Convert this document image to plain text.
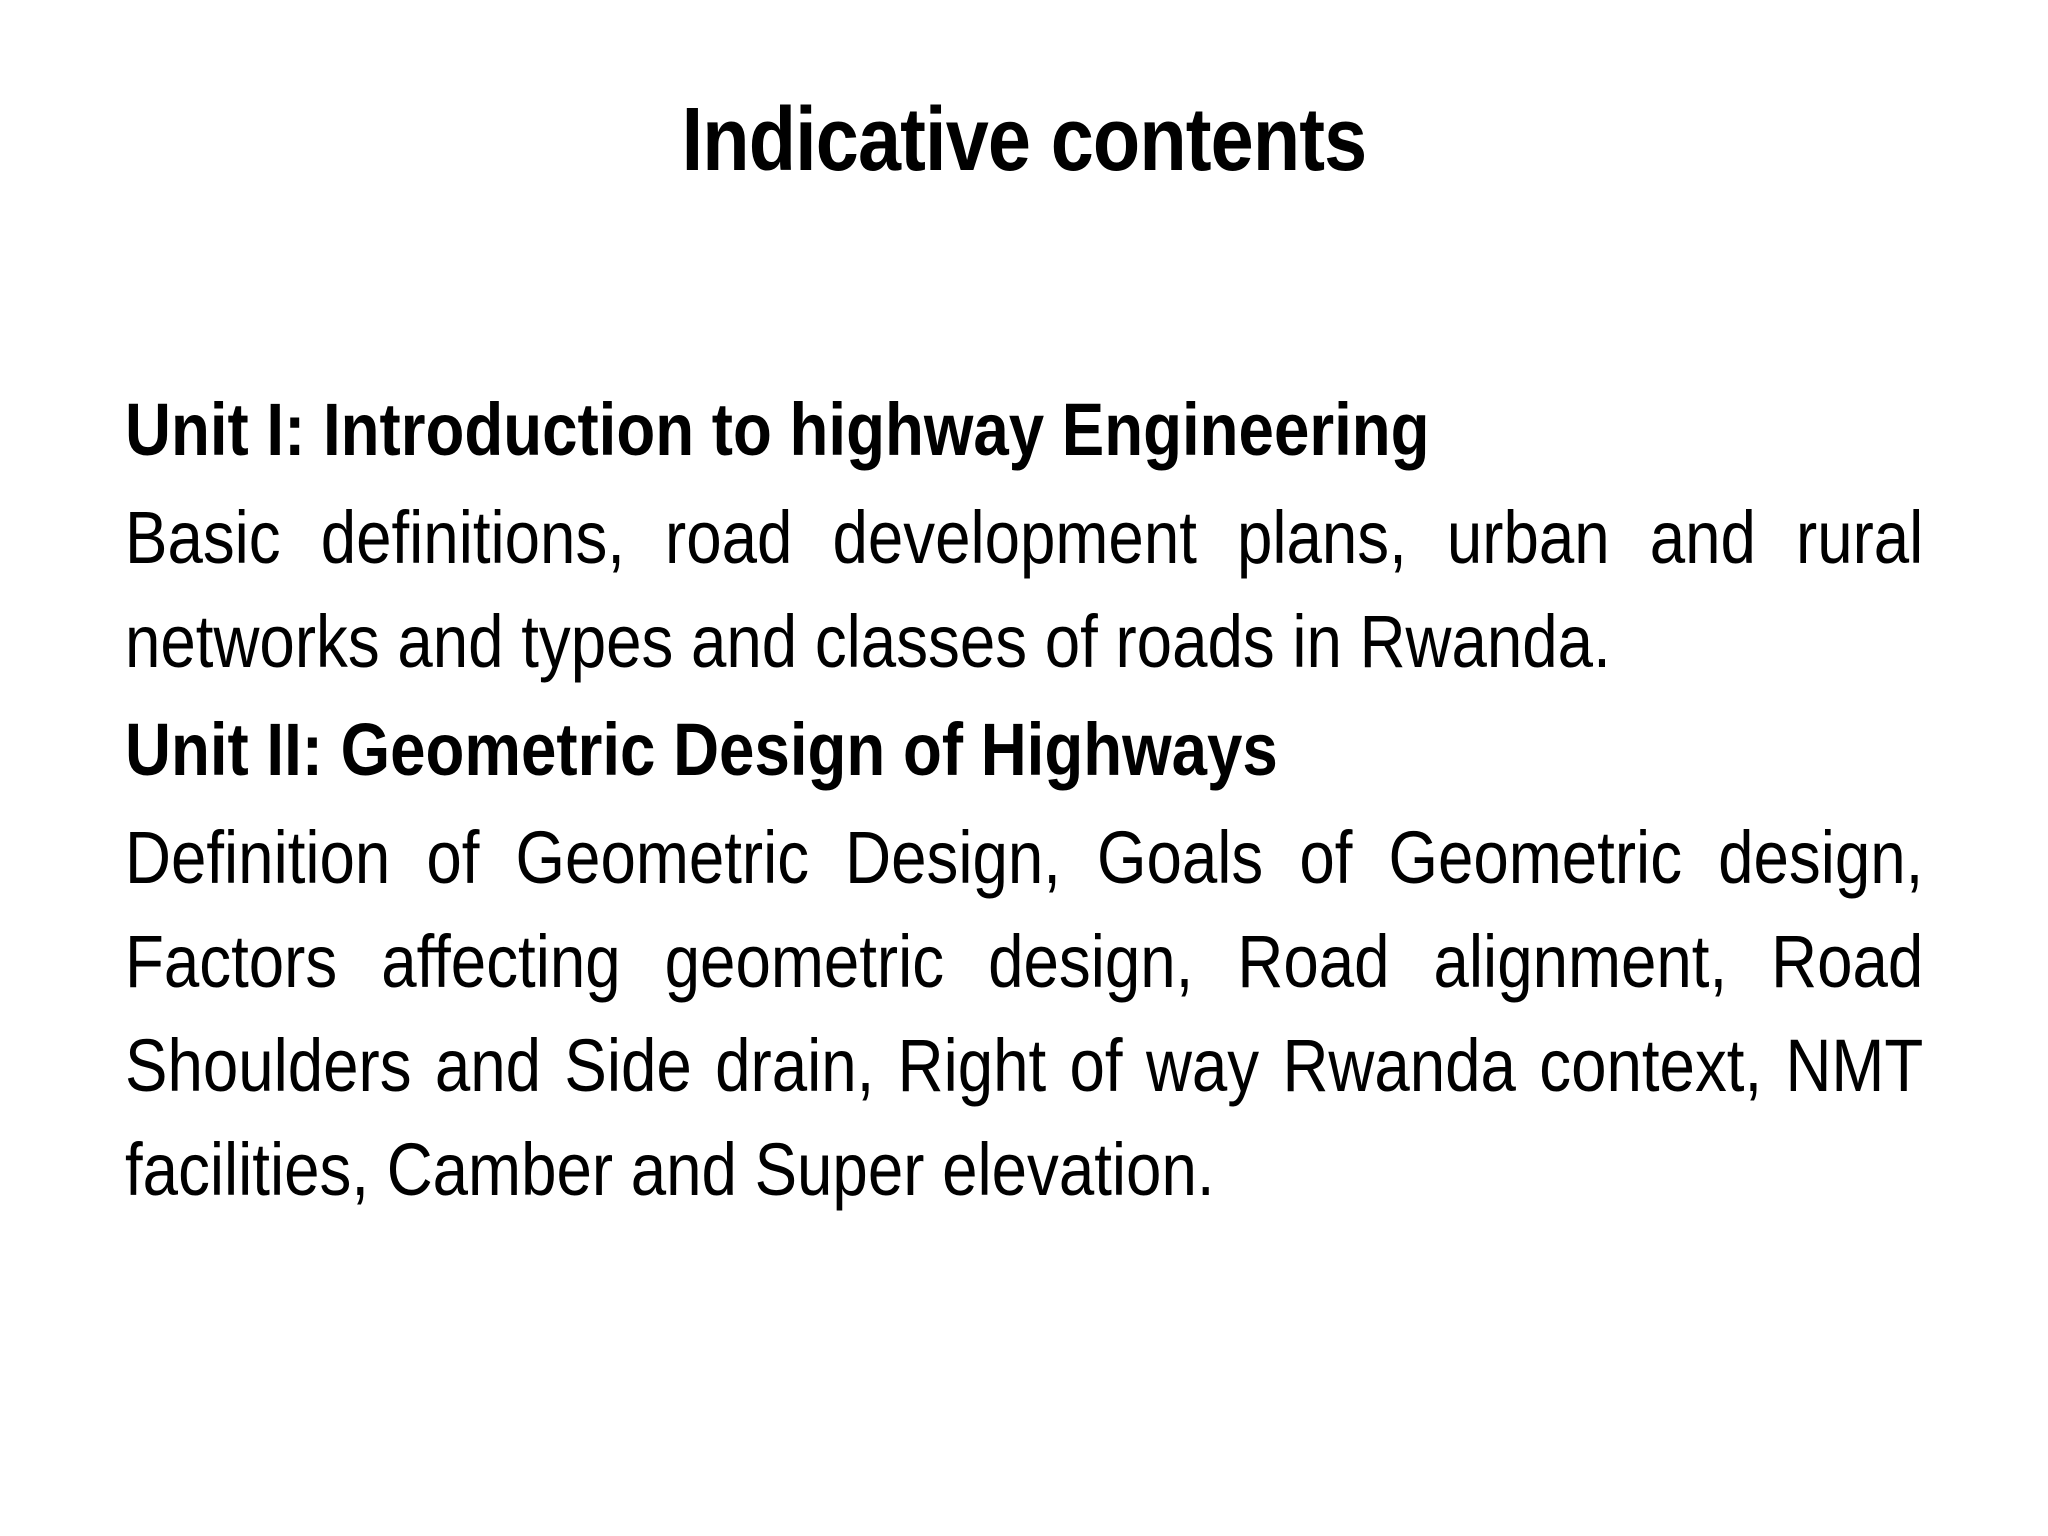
Indicative contents
Unit I: Introduction to highway Engineering
Basic definitions, road development plans, urban and rural networks and types and classes of roads in Rwanda.
Unit II: Geometric Design of Highways
Definition of Geometric Design, Goals of Geometric design, Factors affecting geometric design, Road alignment, Road Shoulders and Side drain, Right of way Rwanda context, NMT facilities, Camber and Super elevation.
